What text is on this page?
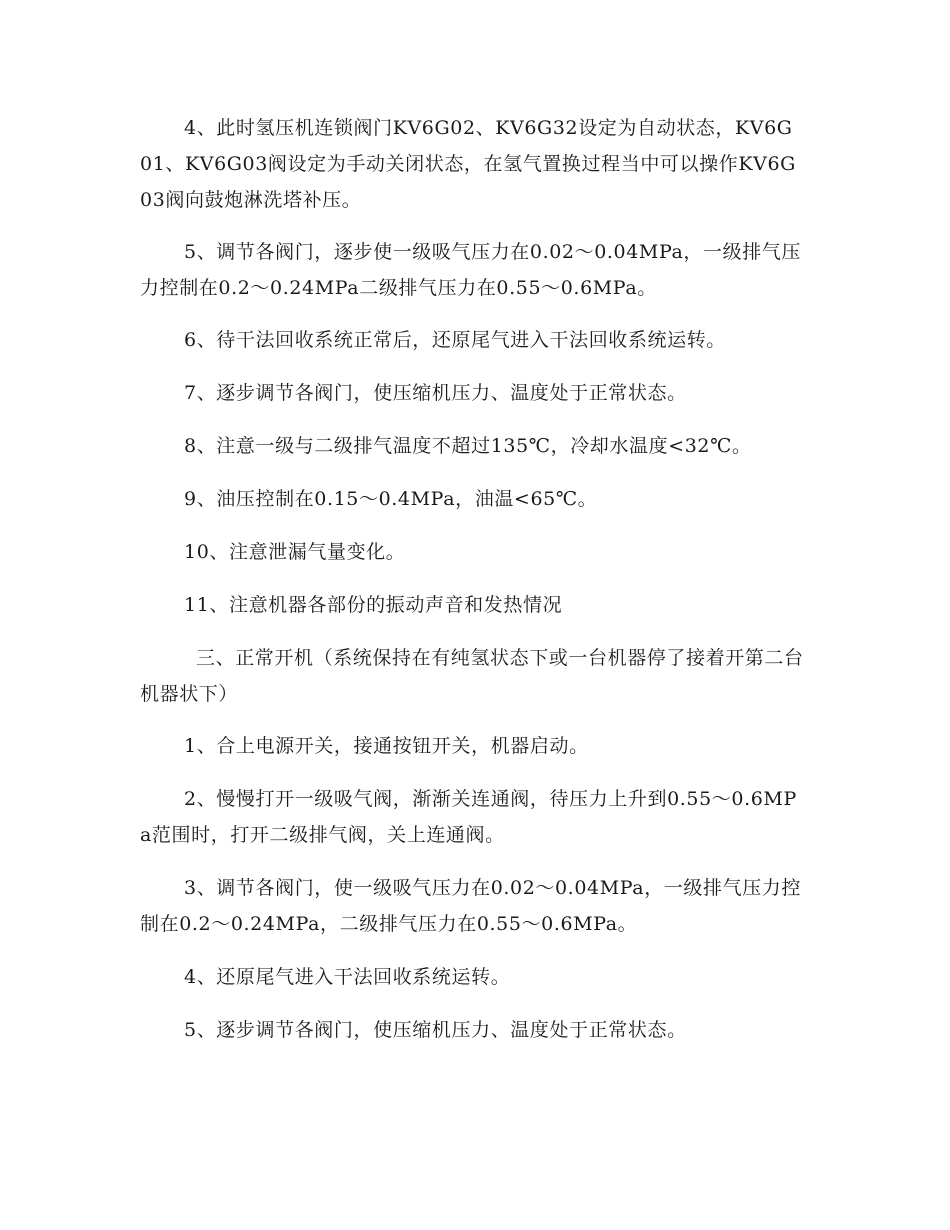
4、此时氢压机连锁阀门KV6G02、KV6G32设定为自动状态，KV6G01、KV6G03阀设定为手动关闭状态，在氢气置换过程当中可以操作KV6G03阀向鼓炮淋洗塔补压。

5、调节各阀门，逐步使一级吸气压力在0.02～0.04MPa，一级排气压力控制在0.2～0.24MPa二级排气压力在0.55～0.6MPa。

6、待干法回收系统正常后，还原尾气进入干法回收系统运转。

7、逐步调节各阀门，使压缩机压力、温度处于正常状态。

8、注意一级与二级排气温度不超过135℃，冷却水温度<32℃。

9、油压控制在0.15～0.4MPa，油温<65℃。

10、注意泄漏气量变化。

11、注意机器各部份的振动声音和发热情况

三、正常开机（系统保持在有纯氢状态下或一台机器停了接着开第二台机器状下）

1、合上电源开关，接通按钮开关，机器启动。

2、慢慢打开一级吸气阀，渐渐关连通阀，待压力上升到0.55～0.6MPa范围时，打开二级排气阀，关上连通阀。

3、调节各阀门，使一级吸气压力在0.02～0.04MPa，一级排气压力控制在0.2～0.24MPa，二级排气压力在0.55～0.6MPa。

4、还原尾气进入干法回收系统运转。

5、逐步调节各阀门，使压缩机压力、温度处于正常状态。
